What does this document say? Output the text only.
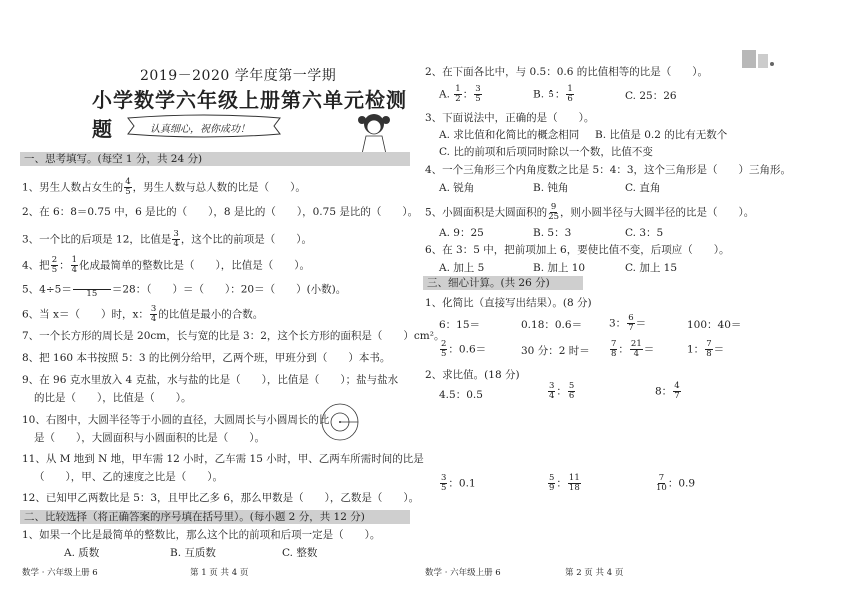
2019－2020 学年度第一学期
小学数学六年级上册第六单元检测题	认真细心，祝你成功！
一、思考填写。(每空 1 分，共 24 分)
1、男生人数占女生的 $\frac{4}{5}$ ，男生人数与总人数的比是（　　）。
2、在 6：8＝0.75 中，6 是比的（　　），8 是比的（　　），0.75 是比的（　　）。
3、一个比的后项是 12，比值是 $\frac{3}{4}$ ，这个比的前项是（　　）。
4、把 $\frac{2}{5}$ ： $\frac{1}{4}$ 化成最简单的整数比是（　　），比值是（　　）。
5、4÷5＝ 15 ＝28：（　　）＝（　　）：20＝（　　）(小数)。
6、当 x＝（　　）时，x： $\frac{3}{4}$ 的比值是最小的合数。
7、一个长方形的周长是 20cm，长与宽的比是 3：2，这个长方形的面积是（　　）cm²。
8、把 160 本书按照 5：3 的比例分给甲，乙两个班，甲班分到（　　）本书。
9、在 96 克水里放入 4 克盐，水与盐的比是（　　），比值是（　　）；盐与盐水
的比是（　　），比值是（　　）。
10、右图中，大圆半径等于小圆的直径，大圆周长与小圆周长的比
是（　　），大圆面积与小圆面积的比是（　　）。
11、从 M 地到 N 地，甲车需 12 小时，乙车需 15 小时，甲、乙两车所需时间的比是
（　　），甲、乙的速度之比是（　　）。
12、已知甲乙两数比是 5：3，且甲比乙多 6，那么甲数是（　　），乙数是（　　）。
二、比较选择（将正确答案的序号填在括号里）。(每小题 2 分，共 12 分)
1、如果一个比是最简单的整数比，那么这个比的前项和后项一定是（　　）。
A. 质数	B. 互质数	C. 整数
数学 · 六年级上册 6	第 1 页 共 4 页
2、在下面各比中，与 0.5：0.6 的比值相等的比是（　　）。
A. $\frac{1}{2}$ ： $\frac{3}{5}$	B. 5 ： $\frac{1}{6}$	C. 25：26
3、下面说法中，正确的是（　　）。
A. 求比值和化简比的概念相同 B. 比值是 0.2 的比有无数个
C. 比的前项和后项同时除以一个数，比值不变
4、一个三角形三个内角度数之比是 5：4：3，这个三角形是（　　）三角形。
A. 锐角	B. 钝角	C. 直角
5、小圆面积是大圆面积的 $\frac{9}{25}$ ，则小圆半径与大圆半径的比是（　　）。
A. 9：25	B. 5：3	C. 3：5
6、在 3：5 中，把前项加上 6，要使比值不变，后项应（　　）。
A. 加上 5	B. 加上 10	C. 加上 15
三、细心计算。(共 26 分)
1、化简比（直接写出结果）。(8 分)
6：15＝	0.18：0.6＝	3： $\frac{6}{7}$ ＝	100：40＝
$\frac{2}{5}$ ：0.6＝	30 分：2 时＝ $\frac{7}{8}$ ： $\frac{21}{4}$ ＝	1： $\frac{7}{8}$ ＝
2、求比值。(18 分)
4.5：0.5	$\frac{3}{4}$ ： $\frac{5}{6}$	8： $\frac{4}{7}$
$\frac{3}{5}$ ：0.1	$\frac{5}{9}$ ： $\frac{11}{18}$	$\frac{7}{10}$ ：0.9
数学 · 六年级上册 6	第 2 页 共 4 页
